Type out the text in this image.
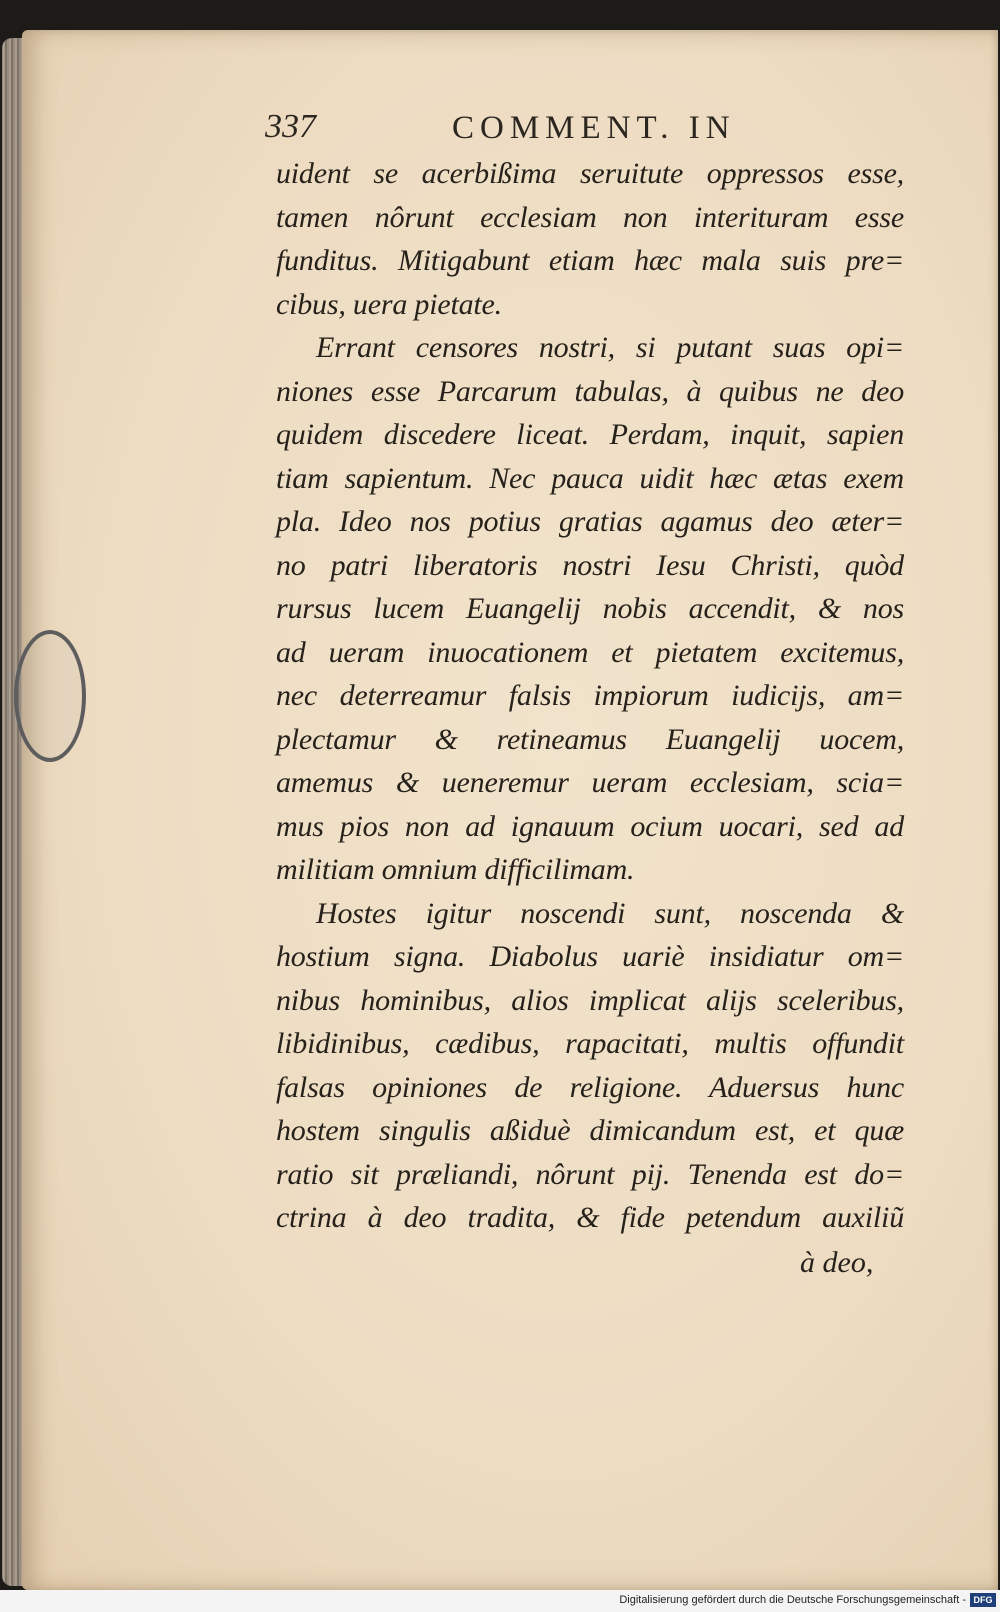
337	COMMENT. IN
uident se acerbißima seruitute oppressos esse,
tamen nôrunt ecclesiam non interituram esse
funditus. Mitigabunt etiam hæc mala suis pre=
cibus, uera pietate.
Errant censores nostri, si putant suas opi=
niones esse Parcarum tabulas, à quibus ne deo
quidem discedere liceat. Perdam, inquit, sapien
tiam sapientum. Nec pauca uidit hæc ætas exem
pla. Ideo nos potius gratias agamus deo æter=
no patri liberatoris nostri Iesu Christi, quòd
rursus lucem Euangelij nobis accendit, & nos
ad ueram inuocationem et pietatem excitemus,
nec deterreamur falsis impiorum iudicijs, am=
plectamur & retineamus Euangelij uocem,
amemus & ueneremur ueram ecclesiam, scia=
mus pios non ad ignauum ocium uocari, sed ad
militiam omnium difficilimam.
Hostes igitur noscendi sunt, noscenda &
hostium signa. Diabolus uariè insidiatur om=
nibus hominibus, alios implicat alijs sceleribus,
libidinibus, cædibus, rapacitati, multis offundit
falsas opiniones de religione. Aduersus hunc
hostem singulis aßiduè dimicandum est, et quæ
ratio sit præliandi, nôrunt pij. Tenenda est do=
ctrina à deo tradita, & fide petendum auxiliũ
à deo,
Digitalisierung gefördert durch die Deutsche Forschungsgemeinschaft - DFG
